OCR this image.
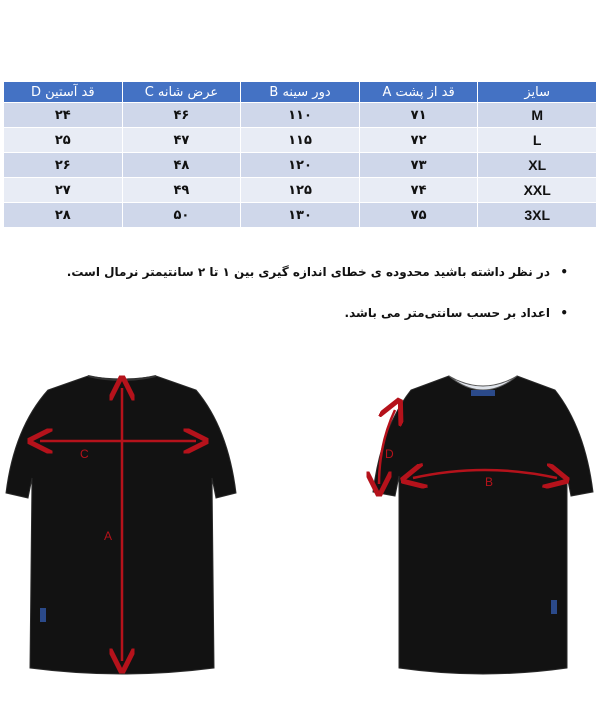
سایز	قد از پشت A	دور سینه B	عرض شانه C	قد آستین D
M	۷۱	۱۱۰	۴۶	۲۴
L	۷۲	۱۱۵	۴۷	۲۵
XL	۷۳	۱۲۰	۴۸	۲۶
XXL	۷۴	۱۲۵	۴۹	۲۷
3XL	۷۵	۱۳۰	۵۰	۲۸
•
در نظر داشته باشید محدوده ی خطای اندازه گیری بین ۱ تا ۲ سانتیمتر نرمال است.
•
اعداد بر حسب سانتی‌متر می باشد.
C
A
D
B
